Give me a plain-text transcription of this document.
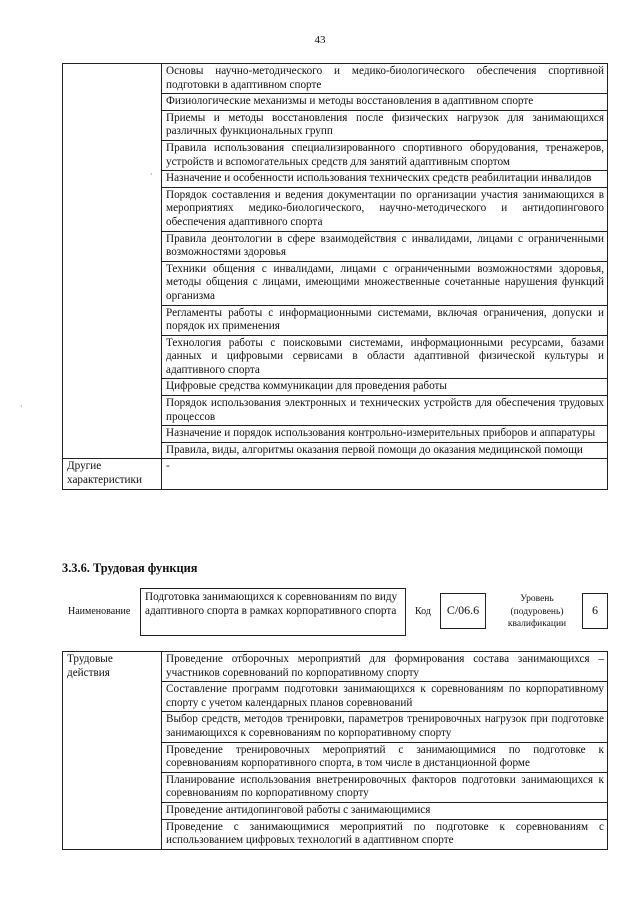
43
	Основы научно-методического и медико-биологического обеспечения спортивной подготовки в адаптивном спорте
	Физиологические механизмы и методы восстановления в адаптивном спорте
	Приемы и методы восстановления после физических нагрузок для занимающихся различных функциональных групп
	Правила использования специализированного спортивного оборудования, тренажеров, устройств и вспомогательных средств для занятий адаптивным спортом
	Назначение и особенности использования технических средств реабилитации инвалидов
	Порядок составления и ведения документации по организации участия занимающихся в мероприятиях медико-биологического, научно-методического и антидопингового обеспечения адаптивного спорта
	Правила деонтологии в сфере взаимодействия с инвалидами, лицами с ограниченными возможностями здоровья
	Техники общения с инвалидами, лицами с ограниченными возможностями здоровья, методы общения с лицами, имеющими множественные сочетанные нарушения функций организма
	Регламенты работы с информационными системами, включая ограничения, допуски и порядок их применения
	Технология работы с поисковыми системами, информационными ресурсами, базами данных и цифровыми сервисами в области адаптивной физической культуры и адаптивного спорта
	Цифровые средства коммуникации для проведения работы
	Порядок использования электронных и технических устройств для обеспечения трудовых процессов
	Назначение и порядок использования контрольно-измерительных приборов и аппаратуры
	Правила, виды, алгоритмы оказания первой помощи до оказания медицинской помощи
Другие характеристики	-
3.3.6. Трудовая функция
Наименование
Подготовка занимающихся к соревнованиям по виду адаптивного спорта в рамках корпоративного спорта	Код	С/06.6
Уровень (подуровень) квалификации
6
Трудовые действия	Проведение отборочных мероприятий для формирования состава занимающихся – участников соревнований по корпоративному спорту
Составление программ подготовки занимающихся к соревнованиям по корпоративному спорту с учетом календарных планов соревнований
Выбор средств, методов тренировки, параметров тренировочных нагрузок при подготовке занимающихся к соревнованиям по корпоративному спорту
Проведение тренировочных мероприятий с занимающимися по подготовке к соревнованиям корпоративного спорта, в том числе в дистанционной форме
Планирование использования внетренировочных факторов подготовки занимающихся к соревнованиям по корпоративному спорту
Проведение антидопинговой работы с занимающимися
Проведение с занимающимися мероприятий по подготовке к соревнованиям с использованием цифровых технологий в адаптивном спорте
·
·
